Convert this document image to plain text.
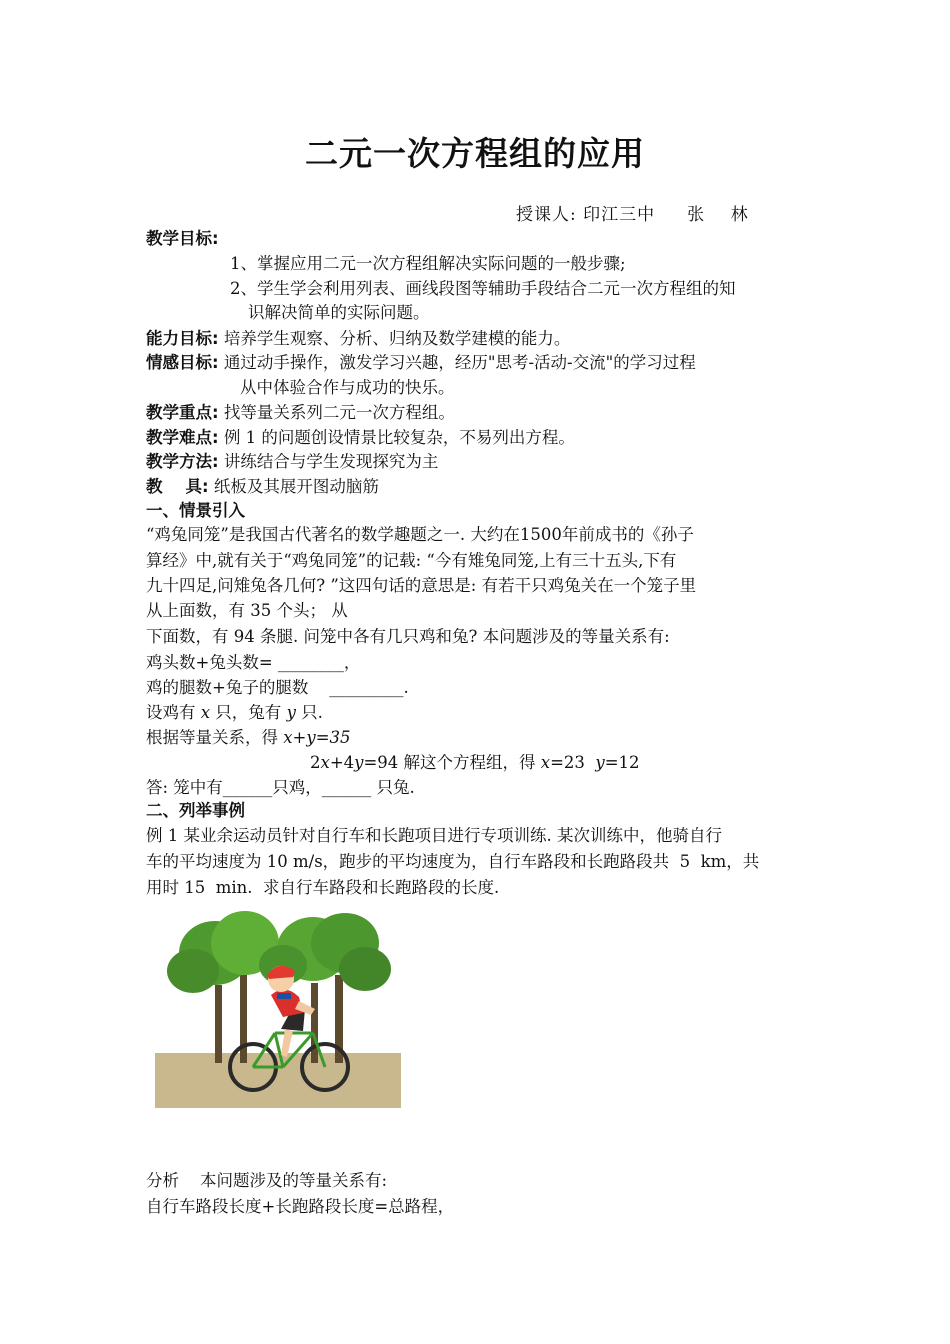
二元一次方程组的应用
授课人: 印江三中     张    林
教学目标:
1、掌握应用二元一次方程组解决实际问题的一般步骤;
2、学生学会利用列表、画线段图等辅助手段结合二元一次方程组的知
识解决简单的实际问题。
能力目标: 培养学生观察、分析、归纳及数学建模的能力。
情感目标: 通过动手操作，激发学习兴趣，经历"思考-活动-交流"的学习过程
从中体验合作与成功的快乐。
教学重点: 找等量关系列二元一次方程组。
教学难点: 例 1 的问题创设情景比较复杂，不易列出方程。
教学方法: 讲练结合与学生发现探究为主
教    具: 纸板及其展开图动脑筋
一、情景引入
“鸡兔同笼”是我国古代著名的数学趣题之一. 大约在1500年前成书的《孙子
算经》中,就有关于“鸡兔同笼”的记载: “今有雉兔同笼,上有三十五头,下有
九十四足,问雉兔各几何? ”这四句话的意思是: 有若干只鸡兔关在一个笼子里
从上面数，有 35 个头； 从
下面数，有 94 条腿. 问笼中各有几只鸡和兔? 本问题涉及的等量关系有:
鸡头数+兔头数= ________，
鸡的腿数+兔子的腿数    _________.
设鸡有 x 只，兔有 y 只.
根据等量关系，得 x+y=35
2x+4y=94 解这个方程组，得 x=23  y=12
答: 笼中有______只鸡，______ 只兔.
二、列举事例
例 1 某业余运动员针对自行车和长跑项目进行专项训练. 某次训练中，他骑自行
车的平均速度为 10 m/s，跑步的平均速度为，自行车路段和长跑路段共  5  km，共
用时 15  min.  求自行车路段和长跑路段的长度.
分析    本问题涉及的等量关系有:
自行车路段长度+长跑路段长度=总路程，
